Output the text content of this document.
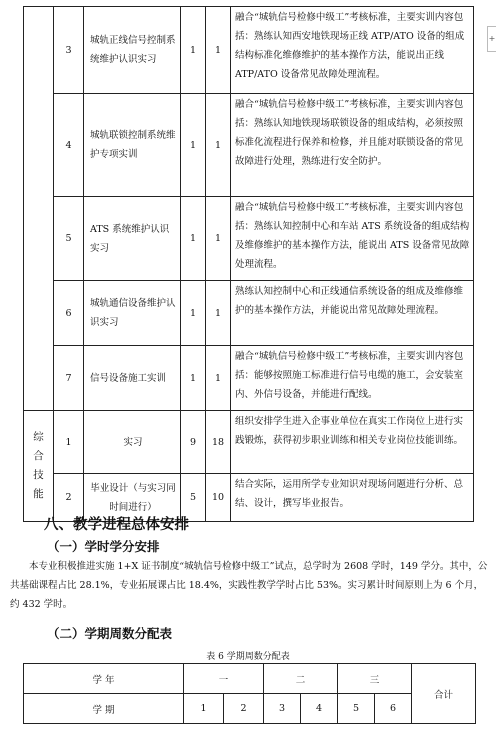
+
	3	城轨正线信号控制系统维护认识实习	1	1	融合“城轨信号检修中级工”考核标准，主要实训内容包括：熟练认知西安地铁现场正线 ATP/ATO 设备的组成结构标准化维修维护的基本操作方法，能说出正线 ATP/ATO 设备常见故障处理流程。
	4	城轨联锁控制系统维护专项实训	1	1	融合“城轨信号检修中级工”考核标准，主要实训内容包括：熟练认知地铁现场联锁设备的组成结构，必须按照标准化流程进行保养和检修，并且能对联锁设备的常见故障进行处理，熟练进行安全防护。
	5	ATS 系统维护认识实习	1	1	融合“城轨信号检修中级工”考核标准，主要实训内容包括：熟练认知控制中心和车站 ATS 系统设备的组成结构及维修维护的基本操作方法，能说出 ATS 设备常见故障处理流程。
	6	城轨通信设备维护认识实习	1	1	熟练认知控制中心和正线通信系统设备的组成及维修维护的基本操作方法，并能说出常见故障处理流程。
	7	信号设备施工实训	1	1	融合“城轨信号检修中级工”考核标准，主要实训内容包括：能够按照施工标准进行信号电缆的施工，会安装室内、外信号设备，并能进行配线。

综合技能	1	实习	9	18	组织安排学生进入企事业单位在真实工作岗位上进行实践锻炼，获得初步职业训练和相关专业岗位技能训练。
	2	毕业设计（与实习同时间进行）	5	10	结合实际，运用所学专业知识对现场问题进行分析、总结、设计，撰写毕业报告。
八、教学进程总体安排
（一）学时学分安排
本专业积极推进实施 1+X 证书制度“城轨信号检修中级工”试点，总学时为 2608 学时，149 学分。其中，公共基础课程占比 28.1%，专业拓展课占比 18.4%，实践性教学学时占比 53%。实习累计时间原则上为 6 个月，约 432 学时。
（二）学期周数分配表
表 6 学期周数分配表
学 年	一		二		三		合计
学 期	1	2	3	4	5	6	
